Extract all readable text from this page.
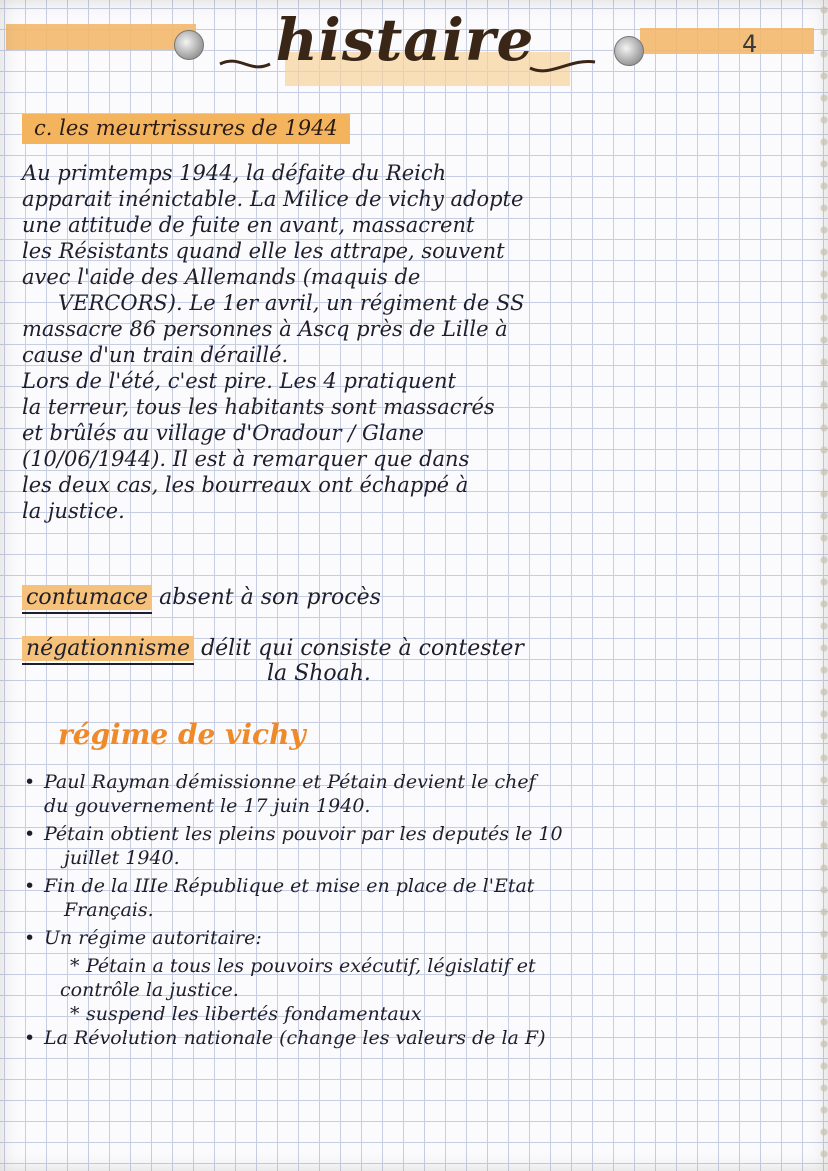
histaire	4
c. les meurtrissures de 1944
Au primtemps 1944, la défaite du Reich
apparait inénictable. La Milice de vichy adopte
une attitude de fuite en avant, massacrent
les Résistants quand elle les attrape, souvent
avec l'aide des Allemands (maquis de
VERCORS). Le 1er avril, un régiment de SS
massacre 86 personnes à Ascq près de Lille à
cause d'un train déraillé.
Lors de l'été, c'est pire. Les 4 pratiquent
la terreur, tous les habitants sont massacrés
et brûlés au village d'Oradour / Glane
(10/06/1944). Il est à remarquer que dans
les deux cas, les bourreaux ont échappé à
la justice.
contumace absent à son procès
négationnisme délit qui consiste à contester
la Shoah.
régime de vichy
• Paul Rayman démissionne et Pétain devient le chef
du gouvernement le 17 juin 1940.
• Pétain obtient les pleins pouvoir par les deputés le 10
juillet 1940.
• Fin de la IIIe République et mise en place de l'Etat
Français.
• Un régime autoritaire:
* Pétain a tous les pouvoirs exécutif, législatif et
contrôle la justice.
* suspend les libertés fondamentaux
• La Révolution nationale (change les valeurs de la F)
